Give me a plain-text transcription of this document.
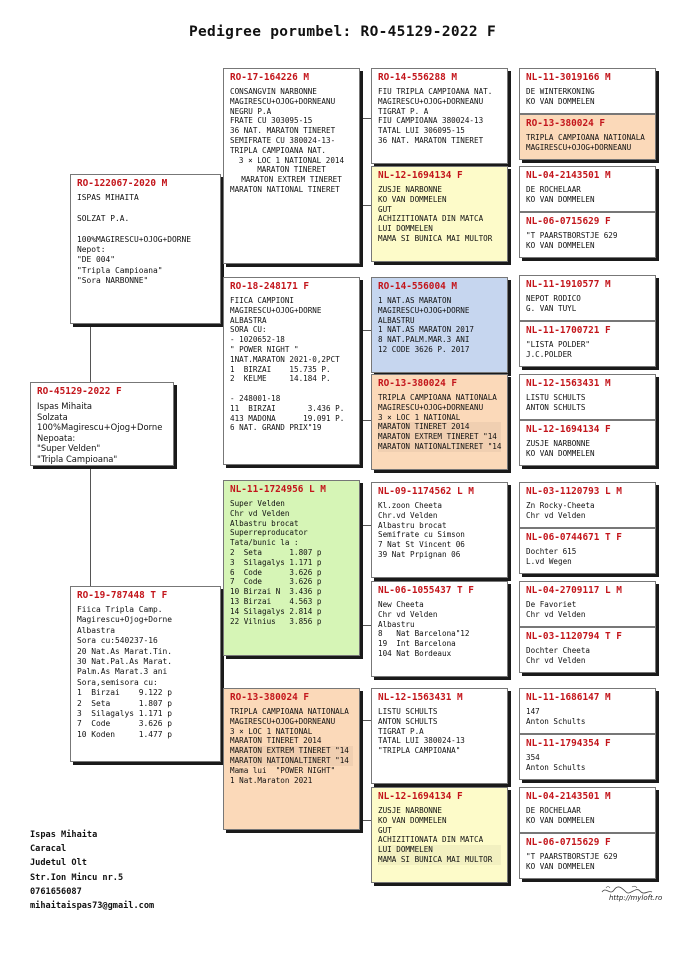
Pedigree porumbel: RO-45129-2022 F
RO-45129-2022 F
Ispas Mihaita
Solzata
100%Magirescu+Ojog+Dorne
Nepoata:
"Super Velden"
"Tripla Campioana"
RO-122067-2020 M
ISPAS MIHAITA

SOLZAT P.A.

100%MAGIRESCU+OJOG+DORNE
Nepot:
"DE 004"
"Tripla Campioana"
"Sora NARBONNE"
RO-19-787448 T F
Fiica Tripla Camp.
Magirescu+Ojog+Dorne
Albastra
Sora cu:540237-16
20 Nat.As Marat.Tin.
30 Nat.Pal.As Marat.
Palm.As Marat.3 ani
Sora,semisora cu:
1  Birzai    9.122 p
2  Seta      1.807 p
3  Silagalys 1.171 p
7  Code      3.626 p
10 Koden     1.477 p
RO-17-164226 M
CONSANGVIN NARBONNE
MAGIRESCU+OJOG+DORNEANU
NEGRU P.A
FRATE CU 303095-15
36 NAT. MARATON TINERET
SEMIFRATE CU 380024-13-
TRIPLA CAMPIOANA NAT.
3 × LOC 1 NATIONAL 2014
MARATON TINERET
MARATON EXTREM TINERET
MARATON NATIONAL TINERET
RO-18-248171 F
FIICA CAMPIONI
MAGIRESCU+OJOG+DORNE
ALBASTRA
SORA CU:
- 1020652-18
" POWER NIGHT "
1NAT.MARATON 2021-0,2PCT
1  BIRZAI    15.735 P.
2  KELME     14.184 P.

- 248001-18
11  BIRZAI       3.436 P.
413 MADONA      19.091 P.
6 NAT. GRAND PRIX"19
NL-11-1724956 L M
Super Velden
Chr vd Velden
Albastru brocat
Superreproducator
Tata/bunic la :
2  Seta      1.807 p
3  Silagalys 1.171 p
6  Code      3.626 p
7  Code      3.626 p
10 Birzai N  3.436 p
13 Birzai    4.563 p
14 Silagalys 2.814 p
22 Vilnius   3.856 p
RO-13-380024 F
TRIPLA CAMPIOANA NATIONALA
MAGIRESCU+OJOG+DORNEANU
3 × LOC 1 NATIONAL
MARATON TINERET 2014
MARATON EXTREM TINERET "14
MARATON NATIONALTINERT "14
Mama lui  "POWER NIGHT"
1 Nat.Maraton 2021
RO-14-556288 M
FIU TRIPLA CAMPIOANA NAT.
MAGIRESCU+OJOG+DORNEANU
TIGRAT P. A
FIU CAMPIOANA 380024-13
TATAL LUI 306095-15
36 NAT. MARATON TINERET
NL-12-1694134 F
ZUSJE NARBONNE
KO VAN DOMMELEN
GUT
ACHIZITIONATA DIN MATCA
LUI DOMMELEN
MAMA SI BUNICA MAI MULTOR
RO-14-556004 M
1 NAT.AS MARATON
MAGIRESCU+OJOG+DORNE
ALBASTRU
1 NAT.AS MARATON 2017
8 NAT.PALM.MAR.3 ANI
12 CODE 3626 P. 2017
RO-13-380024 F
TRIPLA CAMPIOANA NATIONALA
MAGIRESCU+OJOG+DORNEANU
3 × LOC 1 NATIONAL
MARATON TINERET 2014
MARATON EXTREM TINERET "14
MARATON NATIONALTINERET "14
NL-09-1174562 L M
Kl.zoon Cheeta
Chr.vd Velden
Albastru brocat
Semifrate cu Simson
7 Nat St Vincent 06
39 Nat Prpignan 06
NL-06-1055437 T F
New Cheeta
Chr vd Velden
Albastru
8   Nat Barcelona"12
19  Int Barcelona
104 Nat Bordeaux
NL-12-1563431 M
LISTU SCHULTS
ANTON SCHULTS
TIGRAT P.A
TATAL LUI 380024-13
"TRIPLA CAMPIOANA"
NL-12-1694134 F
ZUSJE NARBONNE
KO VAN DOMMELEN
GUT
ACHIZITIONATA DIN MATCA
LUI DOMMELEN
MAMA SI BUNICA MAI MULTOR
NL-11-3019166 M
DE WINTERKONING
KO VAN DOMMELEN
RO-13-380024 F
TRIPLA CAMPIOANA NATIONALA
MAGIRESCU+OJOG+DORNEANU
NL-04-2143501 M
DE ROCHELAAR
KO VAN DOMMELEN
NL-06-0715629 F
"T PAARSTBORSTJE 629
KO VAN DOMMELEN
NL-11-1910577 M
NEPOT RODICO
G. VAN TUYL
NL-11-1700721 F
"LISTA POLDER"
J.C.POLDER
NL-12-1563431 M
LISTU SCHULTS
ANTON SCHULTS
NL-12-1694134 F
ZUSJE NARBONNE
KO VAN DOMMELEN
NL-03-1120793 L M
Zn Rocky-Cheeta
Chr vd Velden
NL-06-0744671 T F
Dochter 615
L.vd Wegen
NL-04-2709117 L M
De Favoriet
Chr vd Velden
NL-03-1120794 T F
Dochter Cheeta
Chr vd Velden
NL-11-1686147 M
147
Anton Schults
NL-11-1794354 F
354
Anton Schults
NL-04-2143501 M
DE ROCHELAAR
KO VAN DOMMELEN
NL-06-0715629 F
"T PAARSTBORSTJE 629
KO VAN DOMMELEN
Ispas Mihaita
Caracal
Judetul Olt
Str.Ion Mincu nr.5
0761656087
mihaitaispas73@gmail.com
http://myloft.ro
